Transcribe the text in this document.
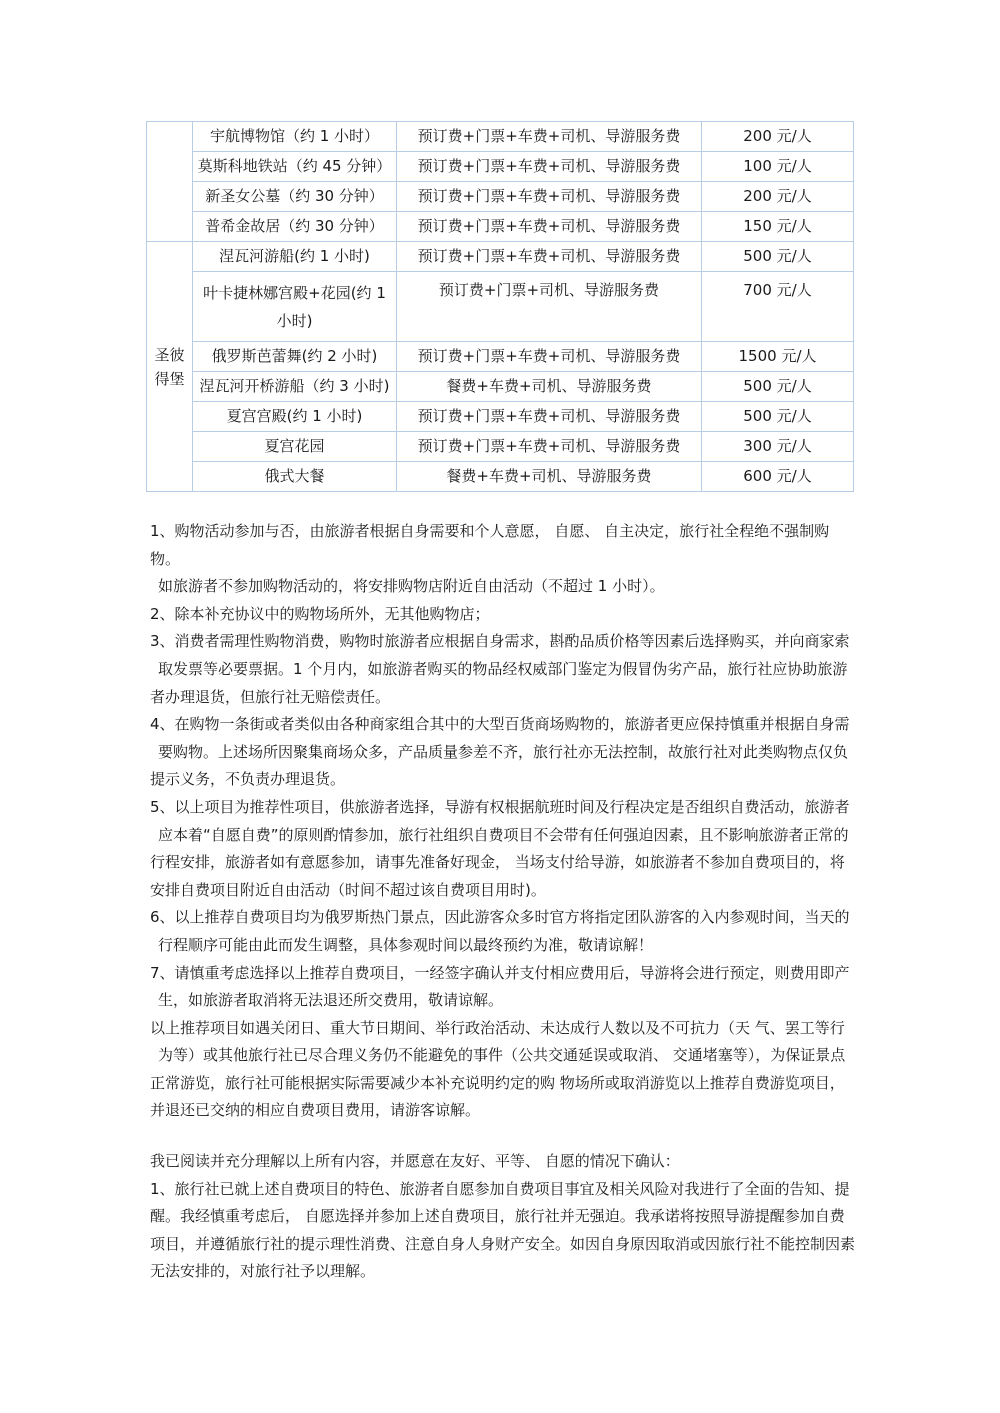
	宇航博物馆（约 1 小时）	预订费+门票+车费+司机、导游服务费	200 元/人
	莫斯科地铁站（约 45 分钟）	预订费+门票+车费+司机、导游服务费	100 元/人
	新圣女公墓（约 30 分钟）	预订费+门票+车费+司机、导游服务费	200 元/人
	普希金故居（约 30 分钟）	预订费+门票+车费+司机、导游服务费	150 元/人

圣彼
得堡	涅瓦河游船(约 1 小时)	预订费+门票+车费+司机、导游服务费	500 元/人
	叶卡捷林娜宫殿+花园(约 1 小时)	预订费+门票+司机、导游服务费	700 元/人
	俄罗斯芭蕾舞(约 2 小时)	预订费+门票+车费+司机、导游服务费	1500 元/人
	涅瓦河开桥游船（约 3 小时)	餐费+车费+司机、导游服务费	500 元/人
	夏宫宫殿(约 1 小时)	预订费+门票+车费+司机、导游服务费	500 元/人
	夏宫花园	预订费+门票+车费+司机、导游服务费	300 元/人
	俄式大餐	餐费+车费+司机、导游服务费	600 元/人

1、购物活动参加与否，由旅游者根据自身需要和个人意愿， 自愿、 自主决定，旅行社全程绝不强制购物。
如旅游者不参加购物活动的，将安排购物店附近自由活动（不超过 1 小时）。

2、除本补充协议中的购物场所外，无其他购物店；

3、消费者需理性购物消费，购物时旅游者应根据自身需求，斟酌品质价格等因素后选择购买，并向商家索
取发票等必要票据。1 个月内，如旅游者购买的物品经权威部门鉴定为假冒伪劣产品，旅行社应协助旅游者办理退货，但旅行社无赔偿责任。

4、在购物一条街或者类似由各种商家组合其中的大型百货商场购物的，旅游者更应保持慎重并根据自身需
要购物。上述场所因聚集商场众多，产品质量参差不齐，旅行社亦无法控制，故旅行社对此类购物点仅负提示义务，不负责办理退货。

5、以上项目为推荐性项目，供旅游者选择，导游有权根据航班时间及行程决定是否组织自费活动，旅游者
应本着“自愿自费”的原则酌情参加，旅行社组织自费项目不会带有任何强迫因素，且不影响旅游者正常的行程安排，旅游者如有意愿参加，请事先准备好现金， 当场支付给导游，如旅游者不参加自费项目的，将安排自费项目附近自由活动（时间不超过该自费项目用时)。

6、以上推荐自费项目均为俄罗斯热门景点，因此游客众多时官方将指定团队游客的入内参观时间，当天的
行程顺序可能由此而发生调整，具体参观时间以最终预约为准，敬请谅解！

7、请慎重考虑选择以上推荐自费项目，一经签字确认并支付相应费用后，导游将会进行预定，则费用即产
生，如旅游者取消将无法退还所交费用，敬请谅解。

以上推荐项目如遇关闭日、重大节日期间、举行政治活动、未达成行人数以及不可抗力（天 气、罢工等行
为等）或其他旅行社已尽合理义务仍不能避免的事件（公共交通延误或取消、 交通堵塞等），为保证景点正常游览，旅行社可能根据实际需要减少本补充说明约定的购 物场所或取消游览以上推荐自费游览项目，并退还已交纳的相应自费项目费用，请游客谅解。

我已阅读并充分理解以上所有内容，并愿意在友好、平等、 自愿的情况下确认：

1、旅行社已就上述自费项目的特色、旅游者自愿参加自费项目事宜及相关风险对我进行了全面的告知、提
醒。我经慎重考虑后， 自愿选择并参加上述自费项目，旅行社并无强迫。我承诺将按照导游提醒参加自费项目，并遵循旅行社的提示理性消费、注意自身人身财产安全。如因自身原因取消或因旅行社不能控制因素无法安排的，对旅行社予以理解。
